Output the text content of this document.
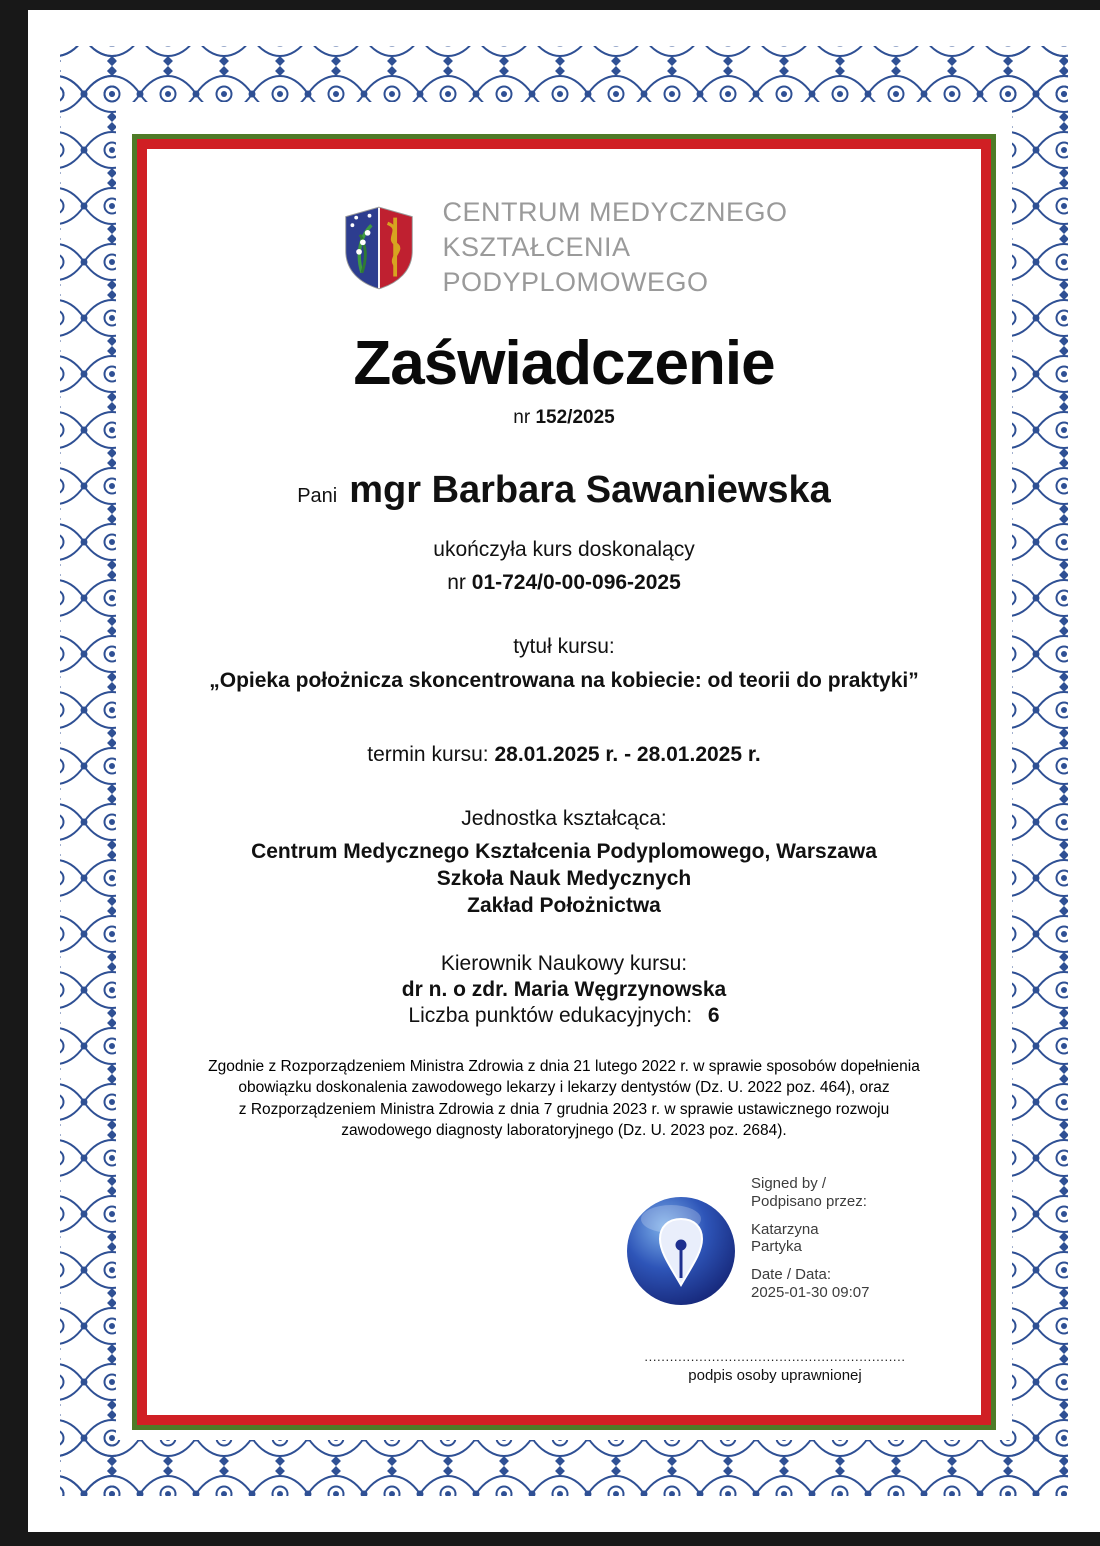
CENTRUM MEDYCZNEGO
KSZTAŁCENIA
PODYPLOMOWEGO
Zaświadczenie
nr 152/2025
Pani mgr Barbara Sawaniewska
ukończyła kurs doskonalący
nr 01-724/0-00-096-2025
tytuł kursu:
„Opieka położnicza skoncentrowana na kobiecie: od teorii do praktyki”
termin kursu: 28.01.2025 r. - 28.01.2025 r.
Jednostka kształcąca:
Centrum Medycznego Kształcenia Podyplomowego, Warszawa
Szkoła Nauk Medycznych
Zakład Położnictwa
Kierownik Naukowy kursu:
dr n. o zdr. Maria Węgrzynowska
Liczba punktów edukacyjnych: 6
Zgodnie z Rozporządzeniem Ministra Zdrowia z dnia 21 lutego 2022 r. w sprawie sposobów dopełnienia
obowiązku doskonalenia zawodowego lekarzy i lekarzy dentystów (Dz. U. 2022 poz. 464), oraz
z Rozporządzeniem Ministra Zdrowia z dnia 7 grudnia 2023 r. w sprawie ustawicznego rozwoju
zawodowego diagnosty laboratoryjnego (Dz. U. 2023 poz. 2684).
Signed by /
Podpisano przez:
Katarzyna
Partyka
Date / Data:
2025-01-30 09:07
..............................................................
podpis osoby uprawnionej
